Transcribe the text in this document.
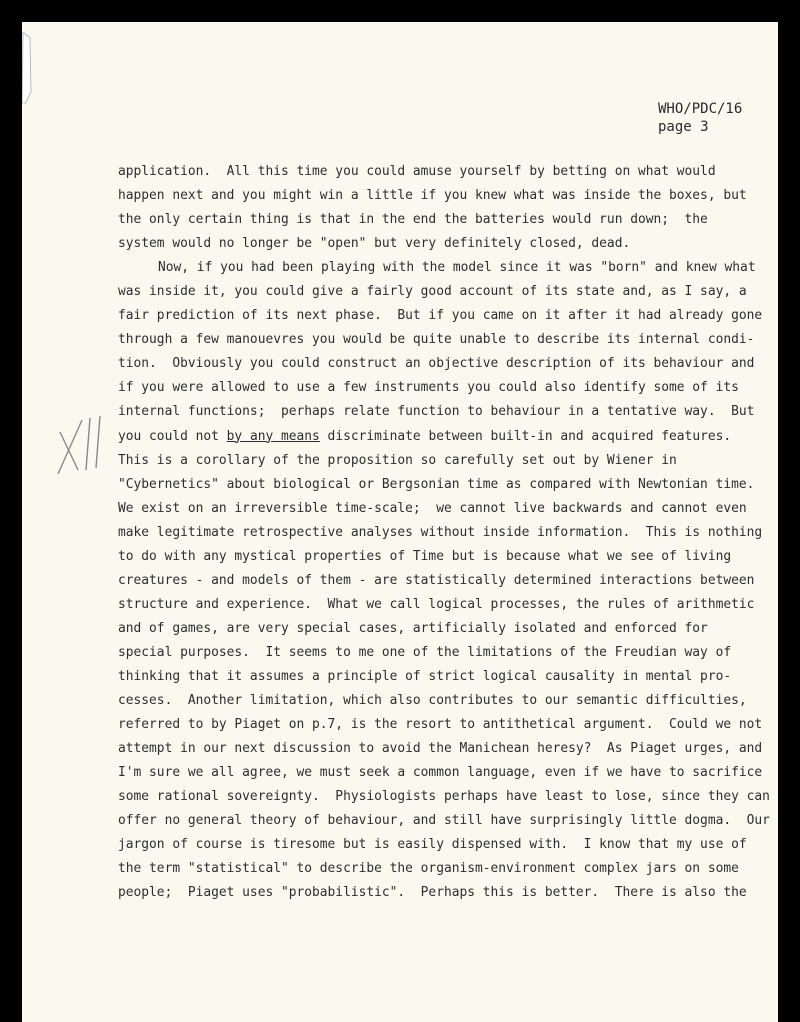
WHO/PDC/16
page 3
application.  All this time you could amuse yourself by betting on what would
happen next and you might win a little if you knew what was inside the boxes, but
the only certain thing is that in the end the batteries would run down;  the
system would no longer be "open" but very definitely closed, dead.
Now, if you had been playing with the model since it was "born" and knew what
was inside it, you could give a fairly good account of its state and, as I say, a
fair prediction of its next phase.  But if you came on it after it had already gone
through a few manouevres you would be quite unable to describe its internal condi-
tion.  Obviously you could construct an objective description of its behaviour and
if you were allowed to use a few instruments you could also identify some of its
internal functions;  perhaps relate function to behaviour in a tentative way.  But
you could not by any means discriminate between built-in and acquired features.
This is a corollary of the proposition so carefully set out by Wiener in
"Cybernetics" about biological or Bergsonian time as compared with Newtonian time.
We exist on an irreversible time-scale;  we cannot live backwards and cannot even
make legitimate retrospective analyses without inside information.  This is nothing
to do with any mystical properties of Time but is because what we see of living
creatures - and models of them - are statistically determined interactions between
structure and experience.  What we call logical processes, the rules of arithmetic
and of games, are very special cases, artificially isolated and enforced for
special purposes.  It seems to me one of the limitations of the Freudian way of
thinking that it assumes a principle of strict logical causality in mental pro-
cesses.  Another limitation, which also contributes to our semantic difficulties,
referred to by Piaget on p.7, is the resort to antithetical argument.  Could we not
attempt in our next discussion to avoid the Manichean heresy?  As Piaget urges, and
I'm sure we all agree, we must seek a common language, even if we have to sacrifice
some rational sovereignty.  Physiologists perhaps have least to lose, since they can
offer no general theory of behaviour, and still have surprisingly little dogma.  Our
jargon of course is tiresome but is easily dispensed with.  I know that my use of
the term "statistical" to describe the organism-environment complex jars on some
people;  Piaget uses "probabilistic".  Perhaps this is better.  There is also the
